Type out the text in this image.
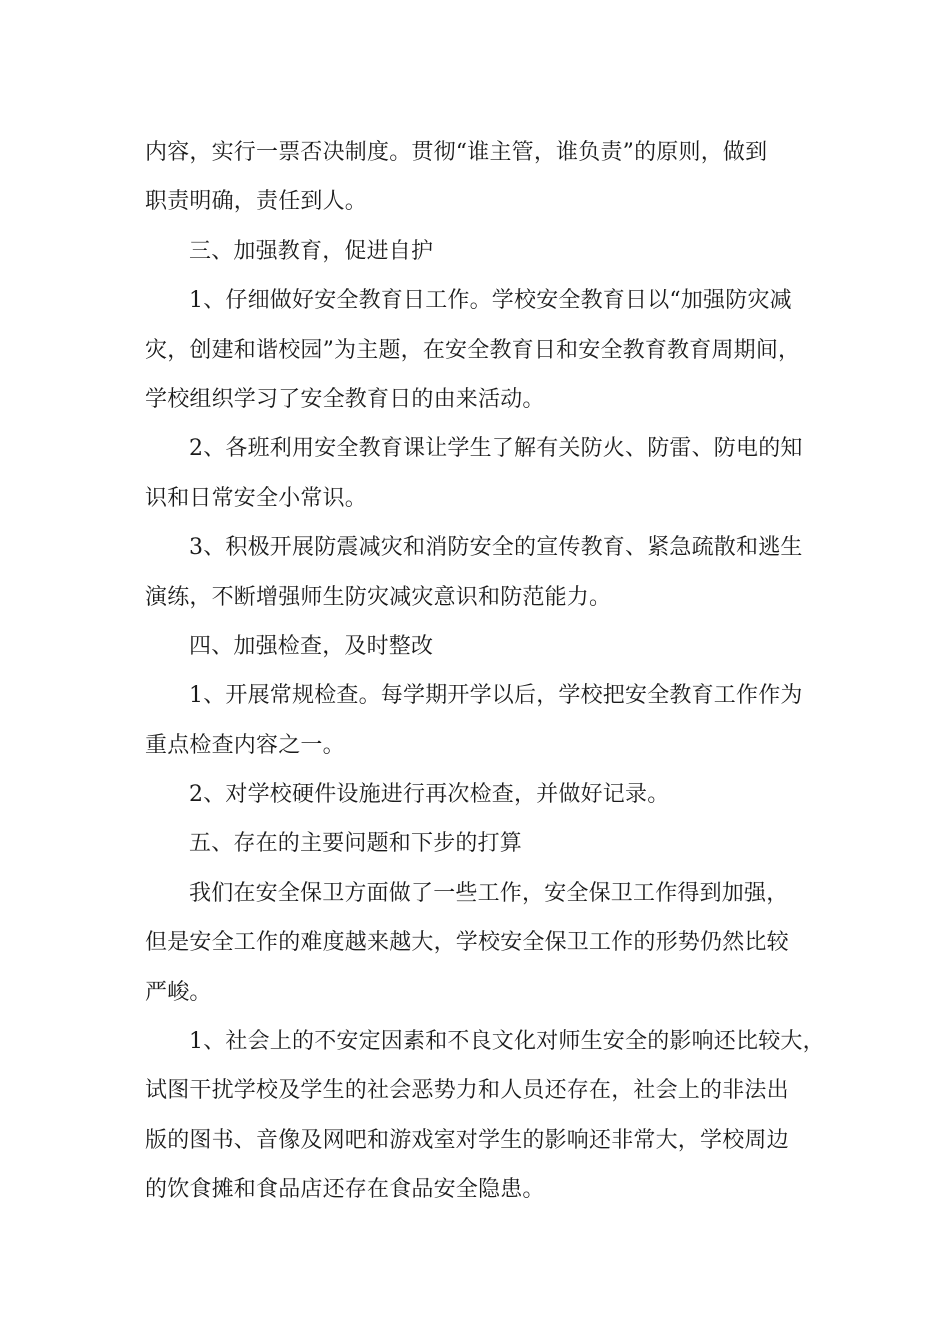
内容，实行一票否决制度。贯彻“谁主管，谁负责”的原则，做到
职责明确，责任到人。
三、加强教育，促进自护
1、仔细做好安全教育日工作。学校安全教育日以“加强防灾减
灾，创建和谐校园”为主题，在安全教育日和安全教育教育周期间，
学校组织学习了安全教育日的由来活动。
2、各班利用安全教育课让学生了解有关防火、防雷、防电的知
识和日常安全小常识。
3、积极开展防震减灾和消防安全的宣传教育、紧急疏散和逃生
演练，不断增强师生防灾减灾意识和防范能力。
四、加强检查，及时整改
1、开展常规检查。每学期开学以后，学校把安全教育工作作为
重点检查内容之一。
2、对学校硬件设施进行再次检查，并做好记录。
五、存在的主要问题和下步的打算
我们在安全保卫方面做了一些工作，安全保卫工作得到加强，
但是安全工作的难度越来越大，学校安全保卫工作的形势仍然比较
严峻。
1、社会上的不安定因素和不良文化对师生安全的影响还比较大，
试图干扰学校及学生的社会恶势力和人员还存在，社会上的非法出
版的图书、音像及网吧和游戏室对学生的影响还非常大，学校周边
的饮食摊和食品店还存在食品安全隐患。
